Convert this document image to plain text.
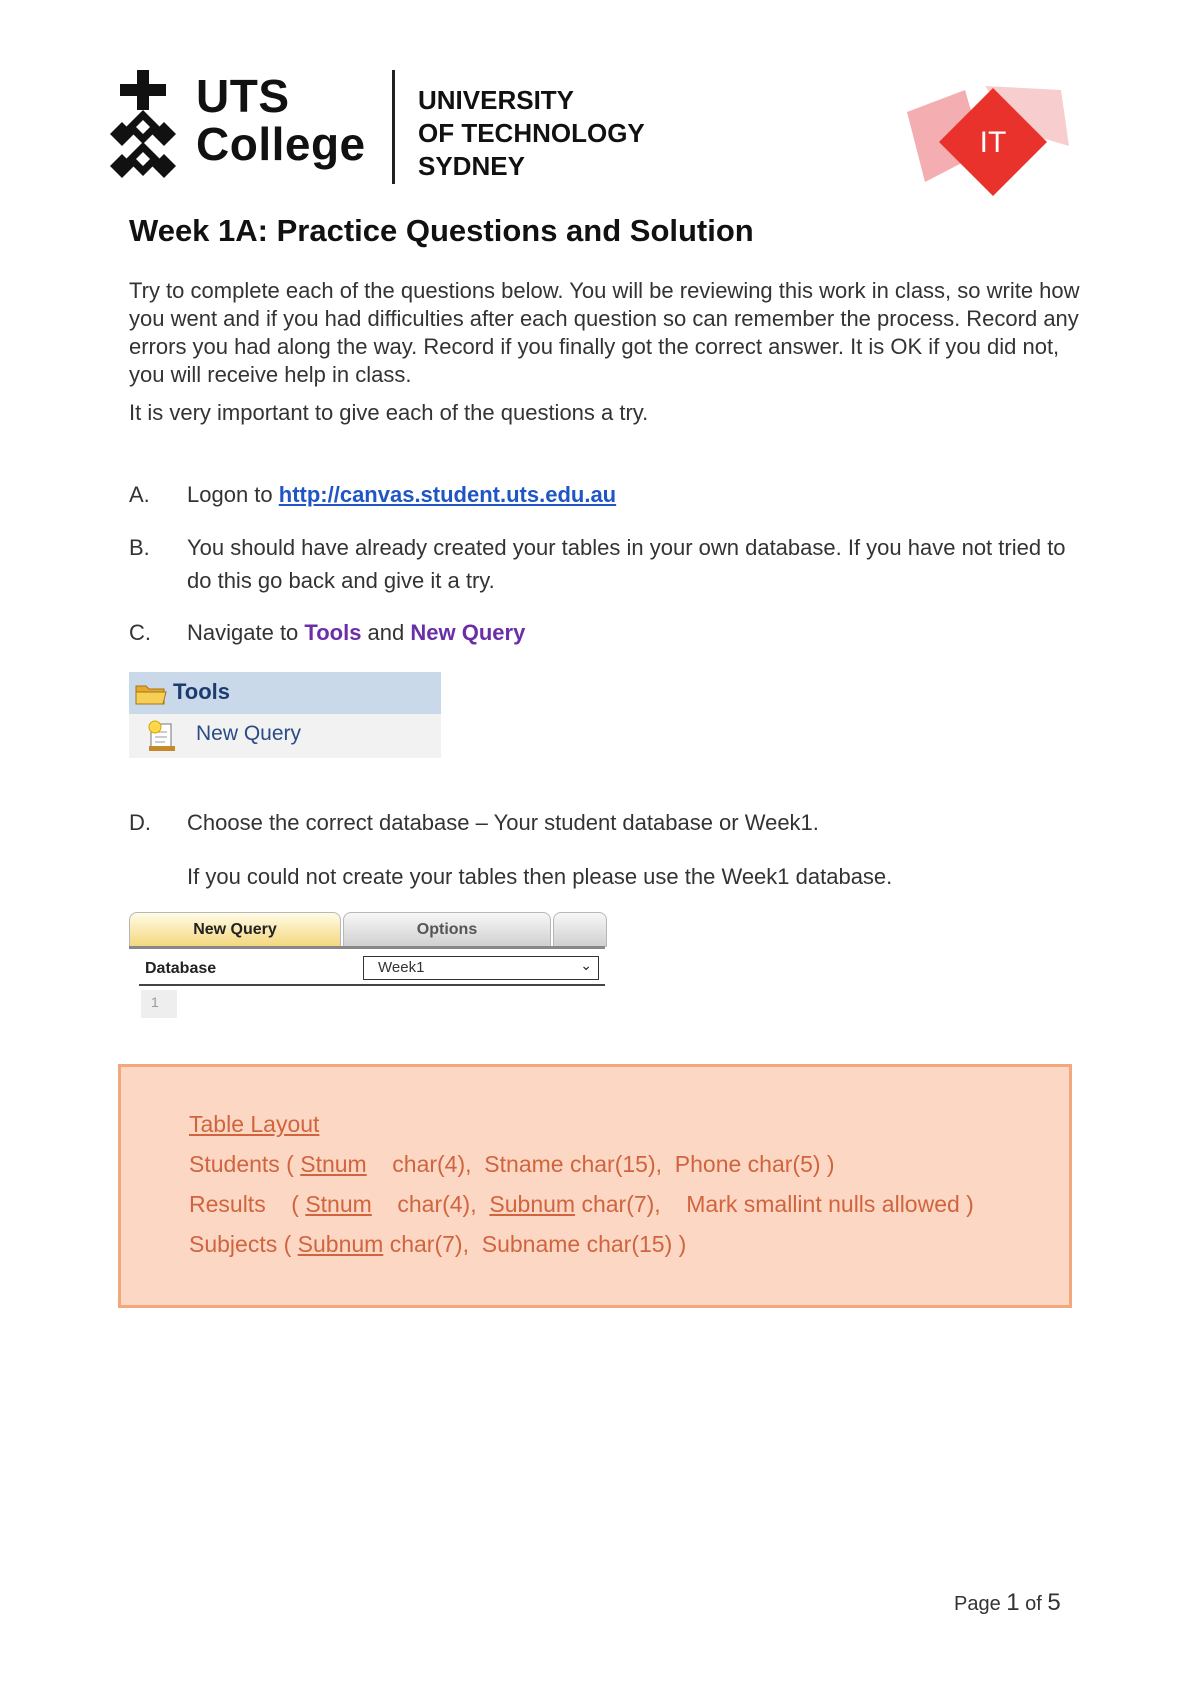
UTS
College
UNIVERSITY
OF TECHNOLOGY
SYDNEY
IT
Week 1A: Practice Questions and Solution
Try to complete each of the questions below. You will be reviewing this work in class, so write how you went and if you had difficulties after each question so can remember the process. Record any errors you had along the way. Record if you finally got the correct answer. It is OK if you did not, you will receive help in class.
It is very important to give each of the questions a try.
A. Logon to http://canvas.student.uts.edu.au
B. You should have already created your tables in your own database. If you have not tried to do this go back and give it a try.
C. Navigate to Tools and New Query
Tools
New Query
D. Choose the correct database – Your student database or Week1.
If you could not create your tables then please use the Week1 database.
New Query	Options
Database	Week1	⌄
1
Table Layout
Students ( Stnum    char(4),  Stname char(15),  Phone char(5) )
Results    ( Stnum    char(4),  Subnum char(7),    Mark smallint nulls allowed )
Subjects ( Subnum char(7),  Subname char(15) )
Page 1 of 5
